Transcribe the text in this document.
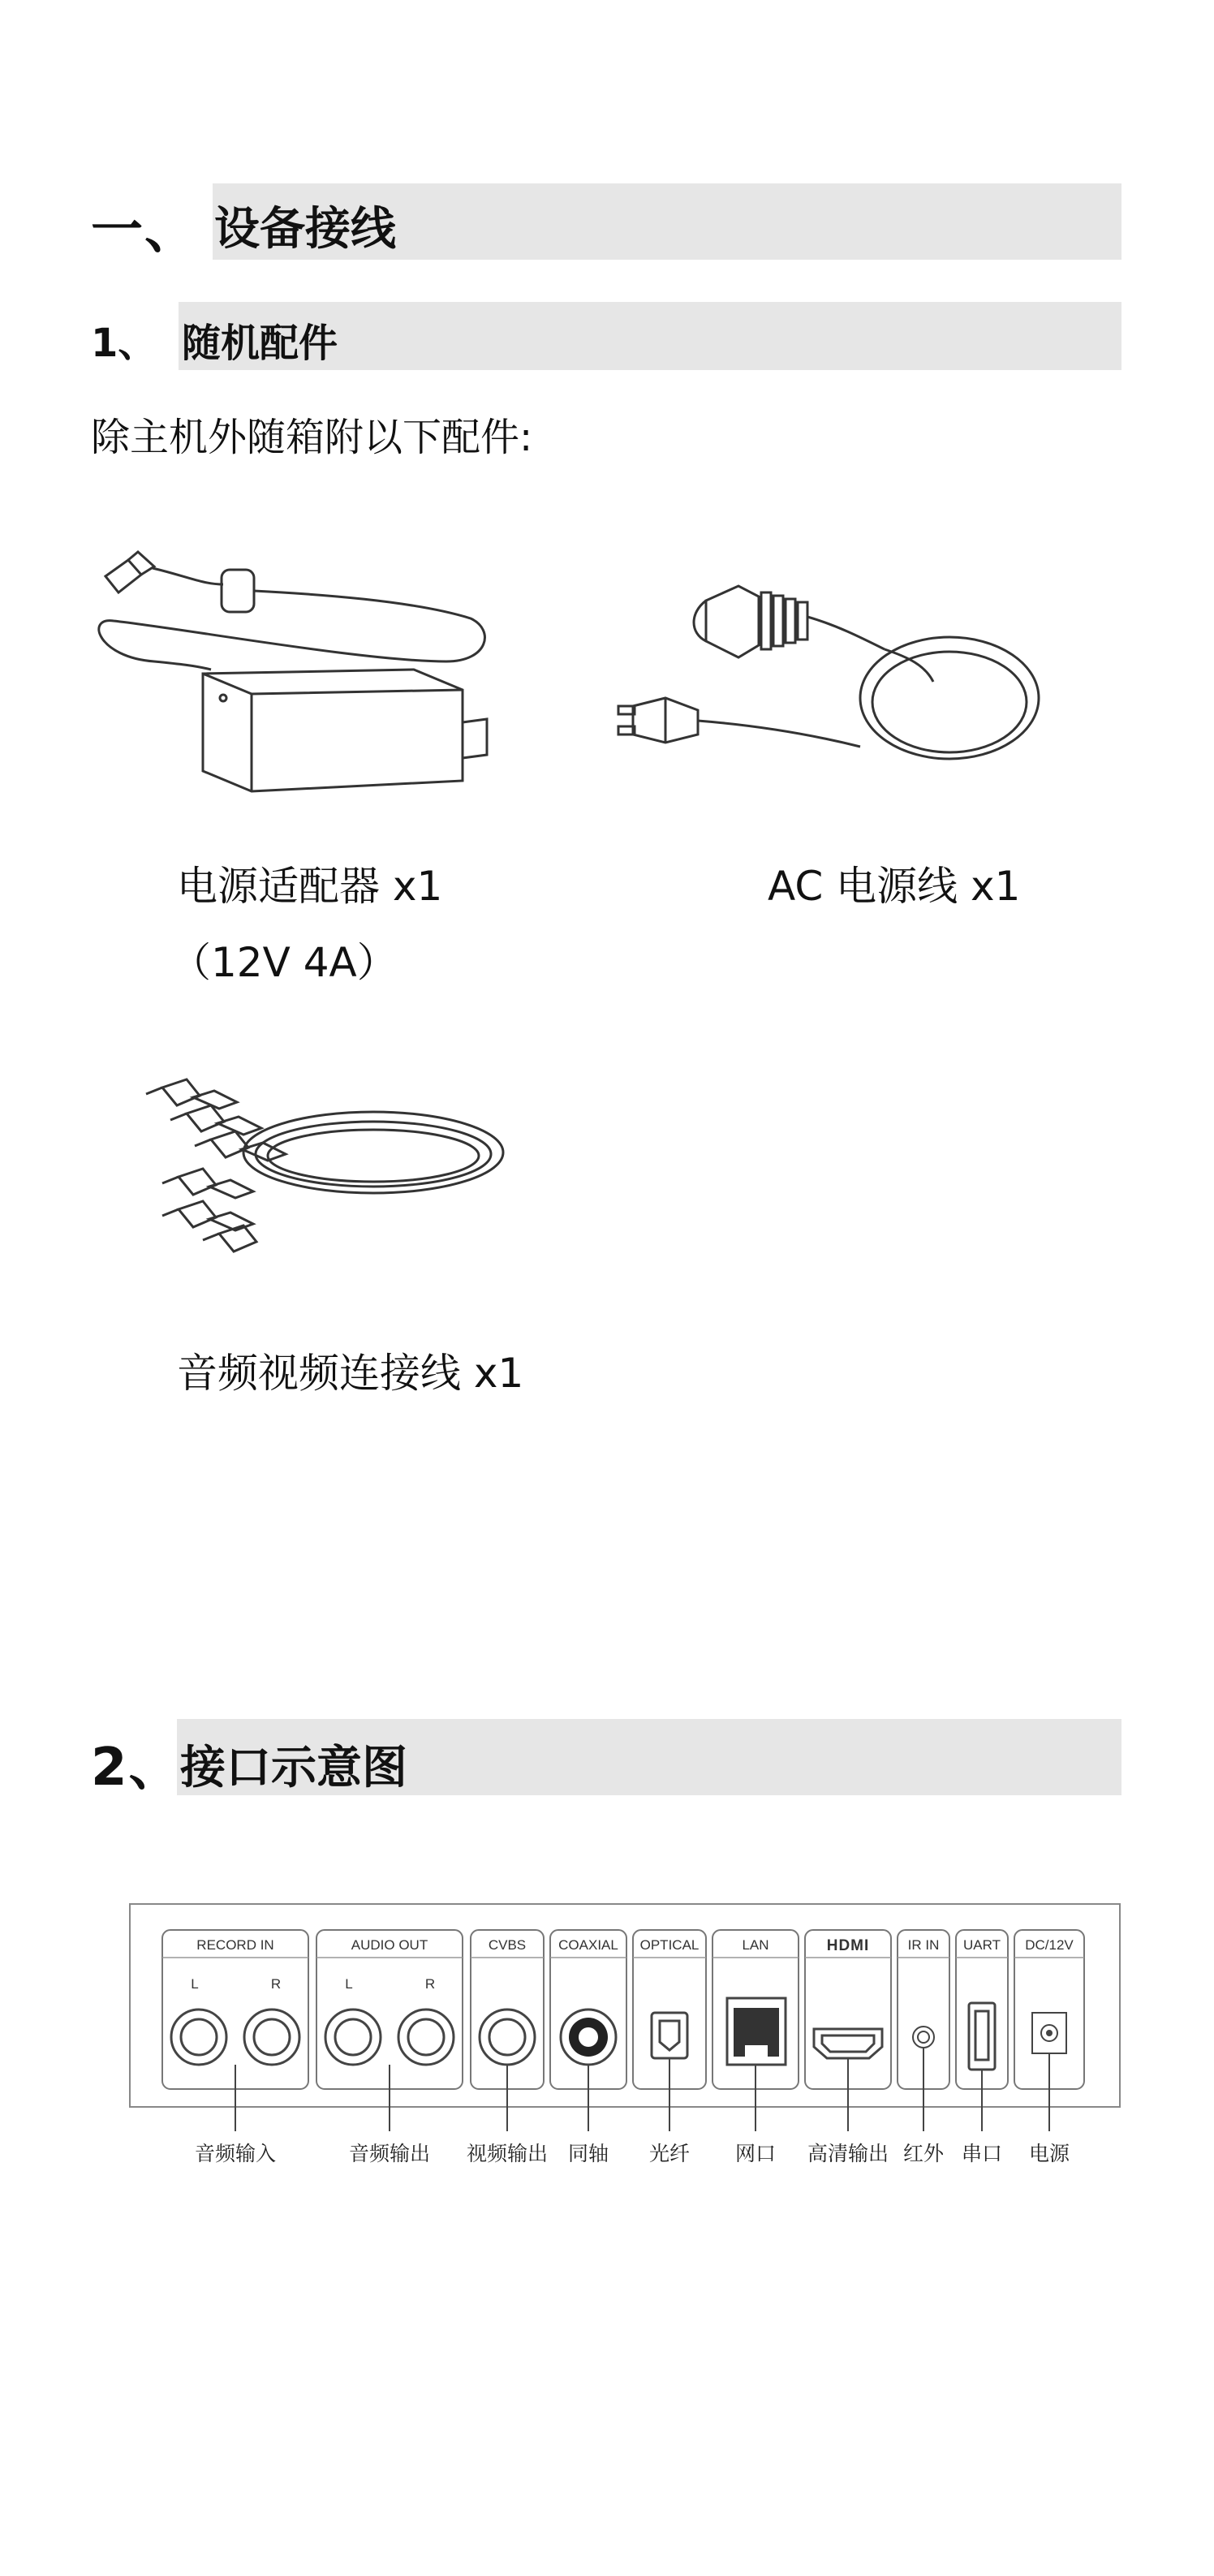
一、 设备接线
1、 随机配件
除主机外随箱附以下配件:
电源适配器 x1
（12V 4A）
AC 电源线 x1
音频视频连接线 x1
2、
接口示意图
RECORD IN	AUDIO OUT	CVBS COAXIAL OPTICAL	LAN	HDMI	IR IN UART DC/12V
L	R	L	R
音频输入	音频输出 视频输出 同轴 光纤 网口 高清输出 红外 串口 电源
